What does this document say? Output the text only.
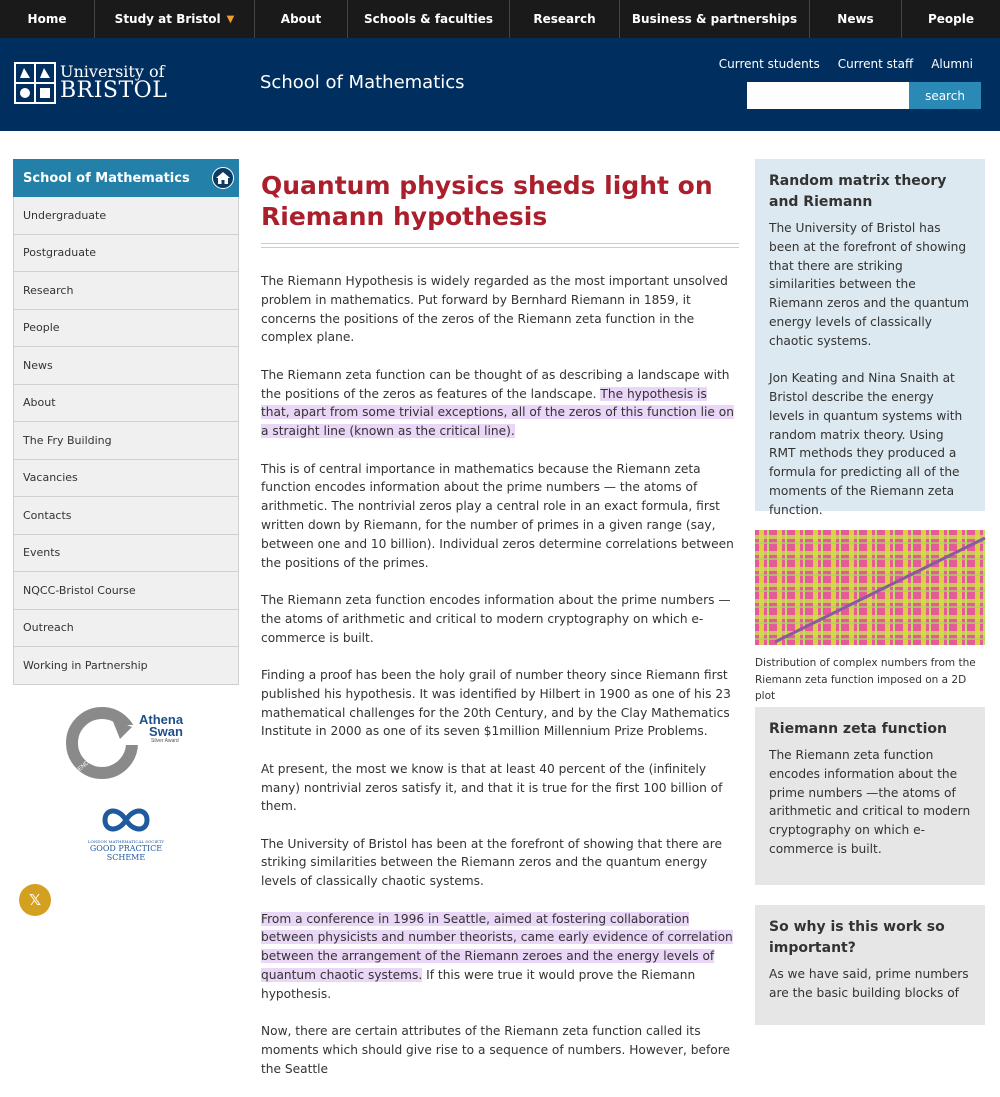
Home	Study at Bristol ▼	About	Schools & faculties	Research	Business & partnerships	News	People
University of
BRISTOL	School of Mathematics
Current students Current staff Alumni
search
School of Mathematics
Undergraduate
Postgraduate
Research
People
News
About
The Fry Building
Vacancies
Contacts
Events
NQCC-Bristol Course
Outreach
Working in Partnership
Athena
Swan
Silver Award
GENDER CHARTER
LONDON MATHEMATICAL SOCIETY
GOOD PRACTICE
SCHEME
𝕏
Quantum physics sheds light on
Riemann hypothesis

The Riemann Hypothesis is widely regarded as the most important unsolved problem in mathematics. Put forward by Bernhard Riemann in 1859, it concerns the positions of the zeros of the Riemann zeta function in the complex plane.

The Riemann zeta function can be thought of as describing a landscape with the positions of the zeros as features of the landscape. The hypothesis is that, apart from some trivial exceptions, all of the zeros of this function lie on a straight line (known as the critical line).

This is of central importance in mathematics because the Riemann zeta function encodes information about the prime numbers — the atoms of arithmetic. The nontrivial zeros play a central role in an exact formula, first written down by Riemann, for the number of primes in a given range (say, between one and 10 billion). Individual zeros determine correlations between the positions of the primes.

The Riemann zeta function encodes information about the prime numbers —the atoms of arithmetic and critical to modern cryptography on which e-commerce is built.

Finding a proof has been the holy grail of number theory since Riemann first published his hypothesis. It was identified by Hilbert in 1900 as one of his 23 mathematical challenges for the 20th Century, and by the Clay Mathematics Institute in 2000 as one of its seven $1million Millennium Prize Problems.

At present, the most we know is that at least 40 percent of the (infinitely many) nontrivial zeros satisfy it, and that it is true for the first 100 billion of them.

The University of Bristol has been at the forefront of showing that there are striking similarities between the Riemann zeros and the quantum energy levels of classically chaotic systems.

From a conference in 1996 in Seattle, aimed at fostering collaboration between physicists and number theorists, came early evidence of correlation between the arrangement of the Riemann zeroes and the energy levels of quantum chaotic systems. If this were true it would prove the Riemann hypothesis.

Now, there are certain attributes of the Riemann zeta function called its moments which should give rise to a sequence of numbers. However, before the Seattle

Random matrix theory and Riemann

The University of Bristol has been at the forefront of showing that there are striking similarities between the Riemann zeros and the quantum energy levels of classically chaotic systems.

Jon Keating and Nina Snaith at Bristol describe the energy levels in quantum systems with random matrix theory. Using RMT methods they produced a formula for predicting all of the moments of the Riemann zeta function.

Distribution of complex numbers from the Riemann zeta function imposed on a 2D plot
Riemann zeta function

The Riemann zeta function encodes information about the prime numbers —the atoms of arithmetic and critical to modern cryptography on which e-commerce is built.

So why is this work so important?

As we have said, prime numbers are the basic building blocks of
